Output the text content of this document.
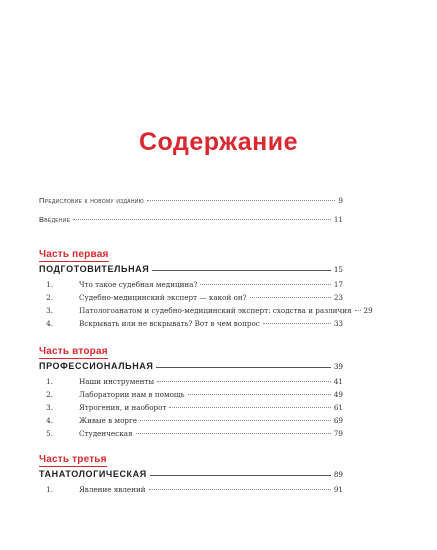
Содержание
Предисловие к новому изданию	9
Введение	11
Часть первая
ПОДГОТОВИТЕЛЬНАЯ	15
1.	Что такое судебная медицина?	17
2.	Судебно-медицинский эксперт — какой он?	23
3.	Патологоанатом и судебно-медицинский эксперт: сходства и различия 29
4.	Вскрывать или не вскрывать? Вот в чем вопрос	33
Часть вторая
ПРОФЕССИОНАЛЬНАЯ	39
1.	Наши инструменты	41
2.	Лаборатории нам в помощь	49
3.	Ятрогения, и наоборот	61
4.	Живые в морге	69
5.	Студенческая	79
Часть третья
ТАНАТОЛОГИЧЕСКАЯ	89
1.	Явление явлений	91
